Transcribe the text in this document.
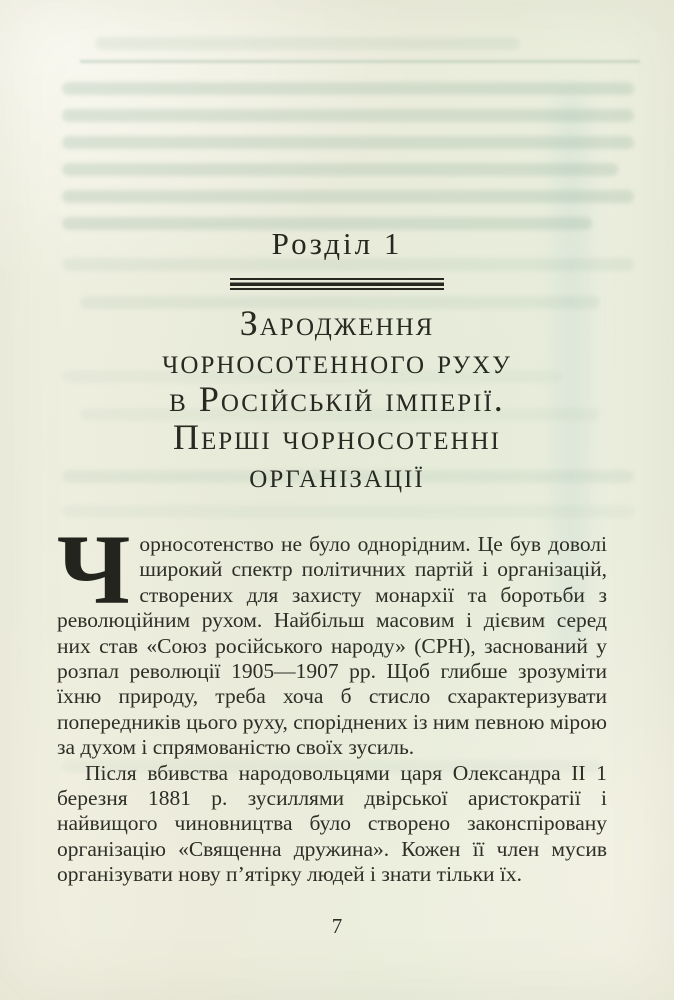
Розділ 1
Зародження
чорносотенного руху
в Російській імперії.
Перші чорносотенні
організації

Чорносотенство не було однорідним. Це був доволі широкий спектр політичних партій і організацій, створених для захисту монархії та боротьби з революційним рухом. Найбільш масовим і дієвим серед них став «Союз російського народу» (СРН), заснований у розпал революції 1905—1907 рр. Щоб глибше зрозуміти їхню природу, треба хоча б стисло схарактеризувати попередників цього руху, споріднених із ним певною мірою за духом і спрямованістю своїх зусиль.

Після вбивства народовольцями царя Олександра II 1 березня 1881 р. зусиллями двірської аристократії і найвищого чиновництва було створено законспіровану організацію «Священна дружина». Кожен її член мусив організувати нову п’ятірку людей і знати тільки їх.

7
